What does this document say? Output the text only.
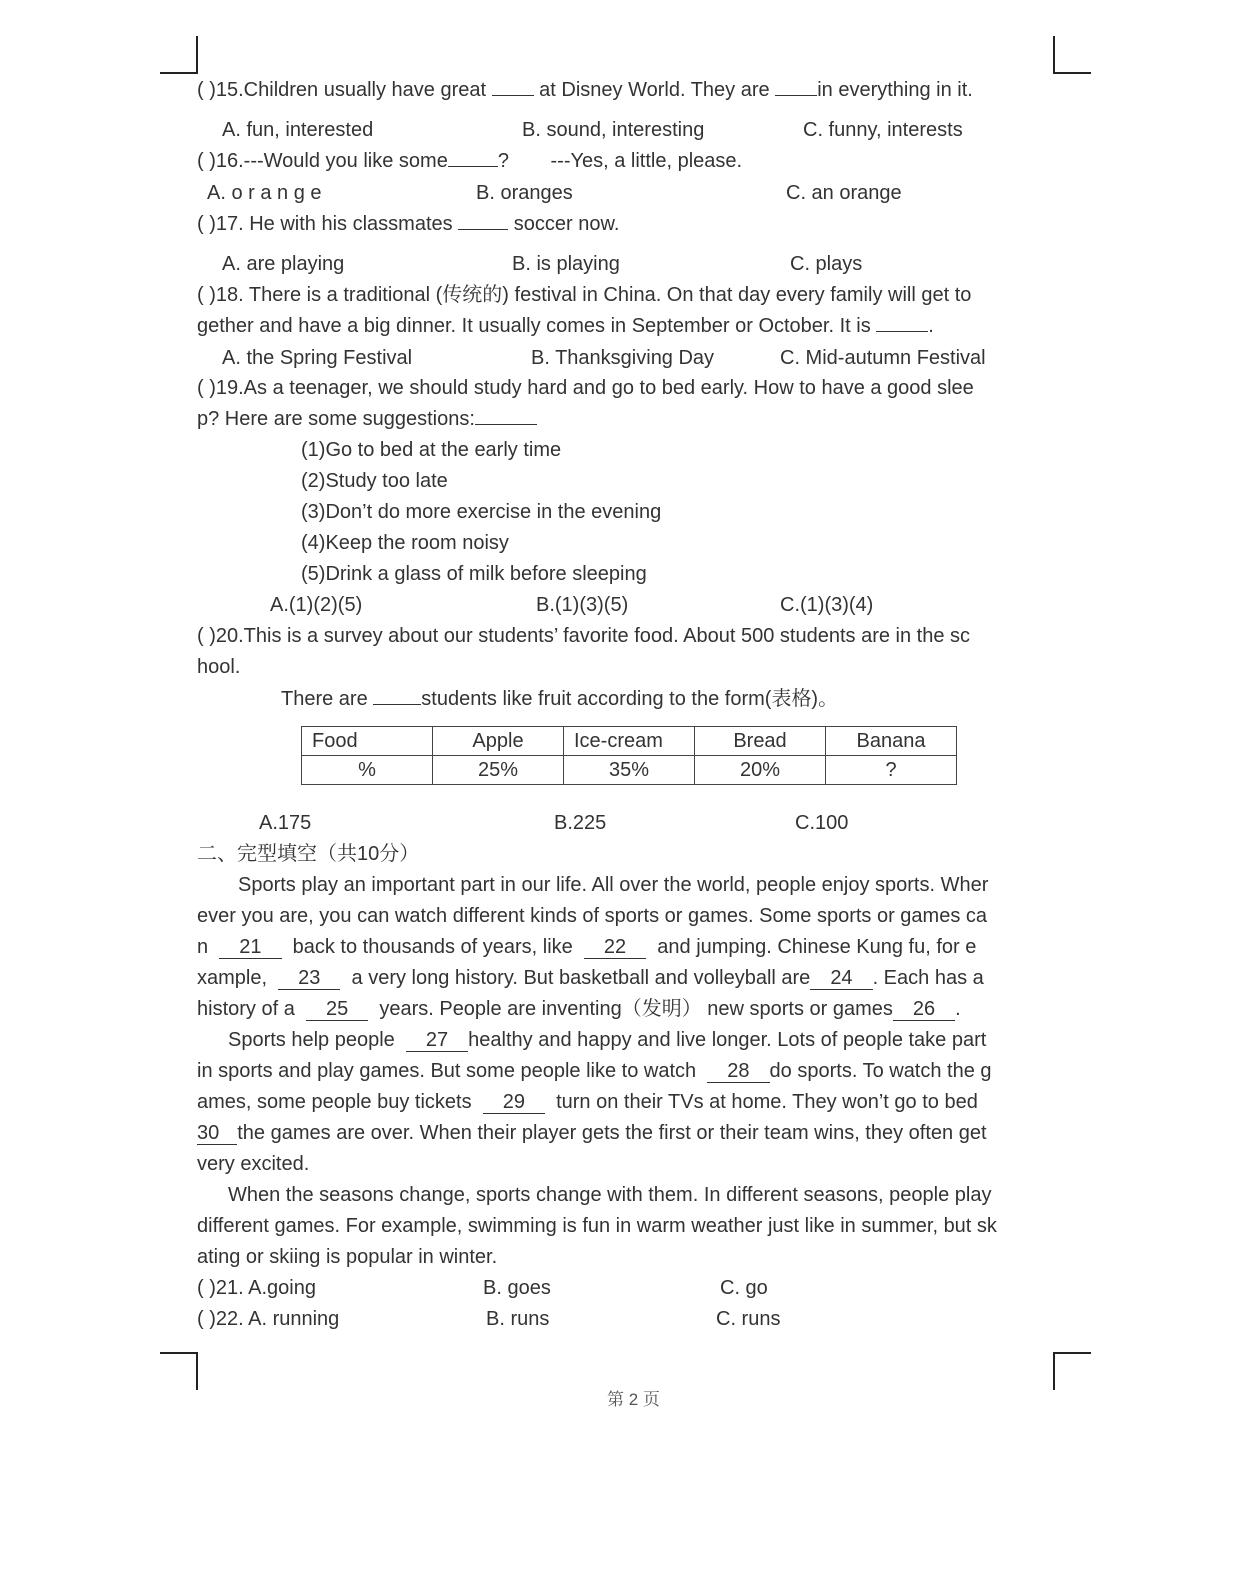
( )15.Children usually have great	at Disney World. They are in everything in it.
A. fun, interested	B. sound, interesting	C. funny, interests
( )16.---Would you like some	? ---Yes, a little, please.
A. o r a n g e	B. oranges	C. an orange
( )17. He with his classmates	soccer now.
A. are playing	B. is playing	C. plays
( )18. There is a traditional (传统的) festival in China. On that day every family will get to
gether and have a big dinner. It usually comes in September or October. It is	.
A. the Spring Festival	B. Thanksgiving Day	C. Mid-autumn Festival
( )19.As a teenager, we should study hard and go to bed early. How to have a good slee
p? Here are some suggestions:
(1)Go to bed at the early time
(2)Study too late
(3)Don’t do more exercise in the evening
(4)Keep the room noisy
(5)Drink a glass of milk before sleeping
A.(1)(2)(5)	B.(1)(3)(5)	C.(1)(3)(4)
( )20.This is a survey about our students’ favorite food. About 500 students are in the sc
hool.
There are	students like fruit according to the form(表格)。
Food	Apple	Ice-cream	Bread	Banana
%	25%	35%	20%	?
A.175	B.225	C.100
二、完型填空（共10分）
Sports play an important part in our life. All over the world, people enjoy sports. Wher
ever you are, you can watch different kinds of sports or games. Some sports or games ca
n 21 back to thousands of years, like 22 and jumping. Chinese Kung fu, for e
xample, 23 a very long history. But basketball and volleyball are 24 . Each has a
history of a 25 years. People are inventing（发明） new sports or games 26 .
Sports help people 27 healthy and happy and live longer. Lots of people take part
in sports and play games. But some people like to watch 28 do sports. To watch the g
ames, some people buy tickets 29 turn on their TVs at home. They won’t go to bed
30 the games are over. When their player gets the first or their team wins, they often get
very excited.
When the seasons change, sports change with them. In different seasons, people play
different games. For example, swimming is fun in warm weather just like in summer, but sk
ating or skiing is popular in winter.
( )21. A.going	B. goes	C. go
( )22. A. running	B. runs	C. runs
第 2 页
